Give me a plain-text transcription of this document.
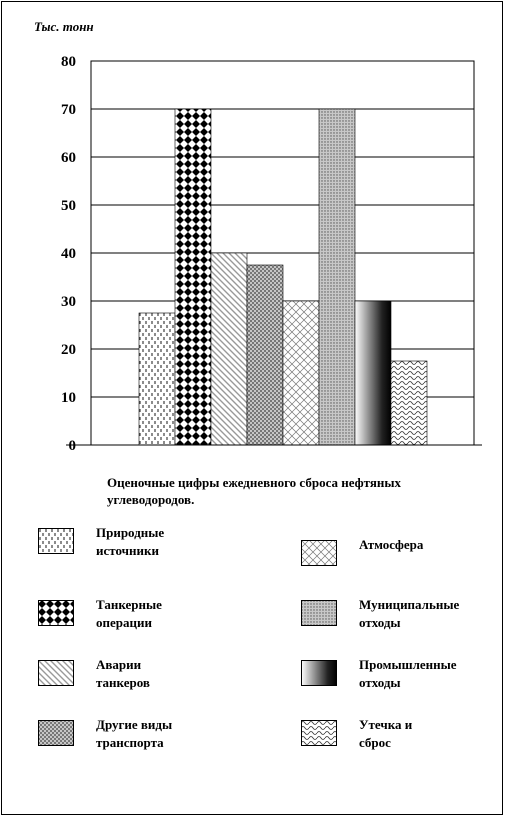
Тыс. тонн
0
10
20
30
40
50
60
70
80
Оценочные цифры ежедневного сброса нефтяных углеводородов.
Природные
источники
Танкерные
операции
Аварии
танкеров
Другие виды
транспорта
Атмосфера
Муниципальные
отходы
Промышленные
отходы
Утечка и
сброс
